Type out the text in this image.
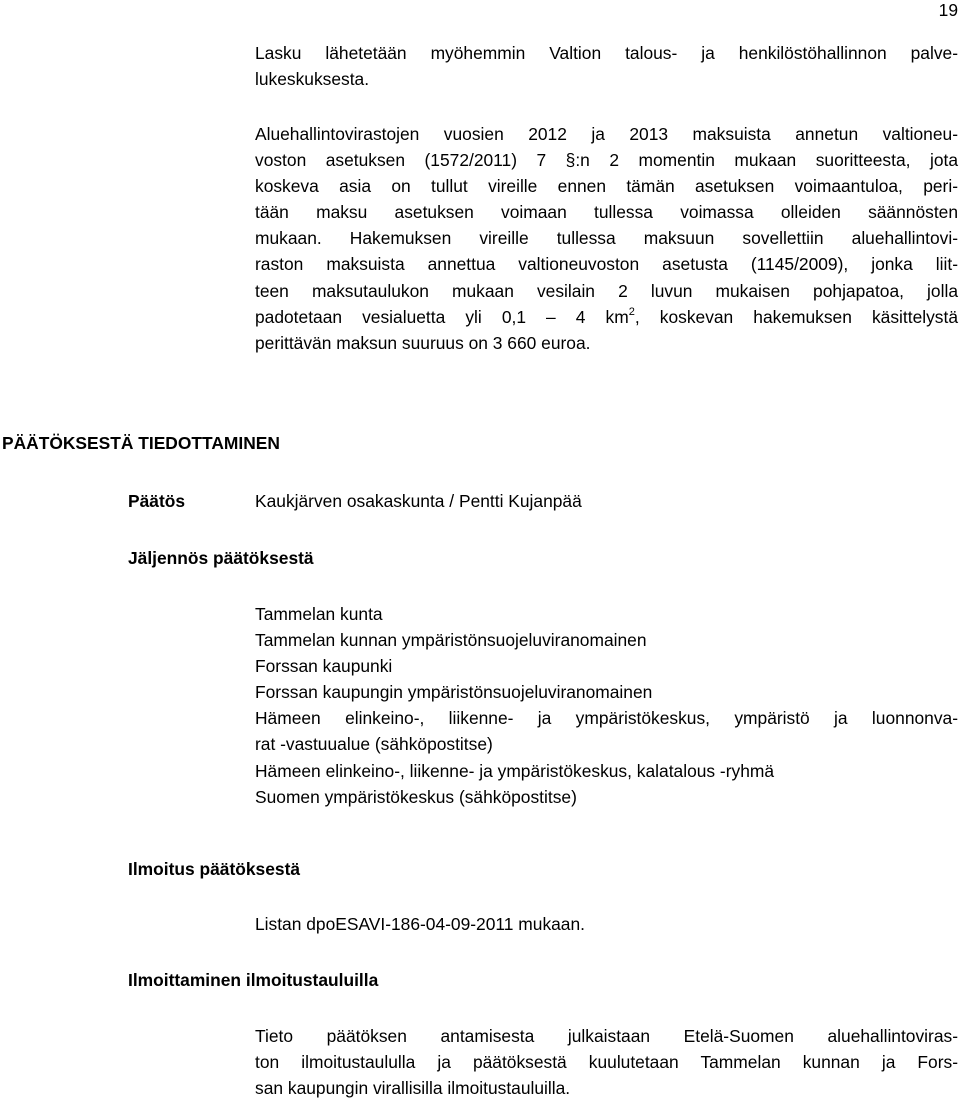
19
Lasku lähetetään myöhemmin Valtion talous- ja henkilöstöhallinnon palve-
lukeskuksesta.
Aluehallintovirastojen vuosien 2012 ja 2013 maksuista annetun valtioneu-
voston asetuksen (1572/2011) 7 §:n 2 momentin mukaan suoritteesta, jota
koskeva asia on tullut vireille ennen tämän asetuksen voimaantuloa, peri-
tään maksu asetuksen voimaan tullessa voimassa olleiden säännösten
mukaan. Hakemuksen vireille tullessa maksuun sovellettiin aluehallintovi-
raston maksuista annettua valtioneuvoston asetusta (1145/2009), jonka liit-
teen maksutaulukon mukaan vesilain 2 luvun mukaisen pohjapatoa, jolla
padotetaan vesialuetta yli 0,1 – 4 $km^2$, koskevan hakemuksen käsittelystä
perittävän maksun suuruus on 3 660 euroa.
PÄÄTÖKSESTÄ TIEDOTTAMINEN
Päätös	Kaukjärven osakaskunta / Pentti Kujanpää
Jäljennös päätöksestä
Tammelan kunta
Tammelan kunnan ympäristönsuojeluviranomainen
Forssan kaupunki
Forssan kaupungin ympäristönsuojeluviranomainen
Hämeen elinkeino-, liikenne- ja ympäristökeskus, ympäristö ja luonnonva-
rat -vastuualue (sähköpostitse)
Hämeen elinkeino-, liikenne- ja ympäristökeskus, kalatalous -ryhmä
Suomen ympäristökeskus (sähköpostitse)
Ilmoitus päätöksestä
Listan dpoESAVI-186-04-09-2011 mukaan.
Ilmoittaminen ilmoitustauluilla
Tieto päätöksen antamisesta julkaistaan Etelä-Suomen aluehallintoviras-
ton ilmoitustaululla ja päätöksestä kuulutetaan Tammelan kunnan ja Fors-
san kaupungin virallisilla ilmoitustauluilla.
